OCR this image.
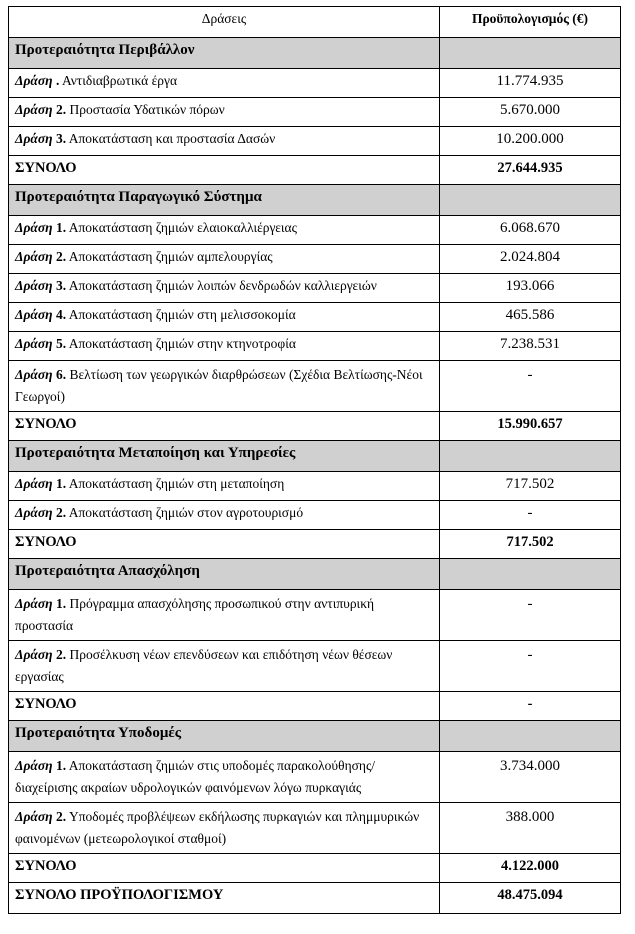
Δράσεις	Προϋπολογισμός (€)
Προτεραιότητα Περιβάλλον	
Δράση . Αντιδιαβρωτικά έργα	11.774.935
Δράση 2. Προστασία Υδατικών πόρων	5.670.000
Δράση 3. Αποκατάσταση και προστασία Δασών	10.200.000
ΣΥΝΟΛΟ	27.644.935
Προτεραιότητα Παραγωγικό Σύστημα	
Δράση 1. Αποκατάσταση ζημιών ελαιοκαλλιέργειας	6.068.670
Δράση 2. Αποκατάσταση ζημιών αμπελουργίας	2.024.804
Δράση 3. Αποκατάσταση ζημιών λοιπών δενδρωδών καλλιεργειών	193.066
Δράση 4. Αποκατάσταση ζημιών στη μελισσοκομία	465.586
Δράση 5. Αποκατάσταση ζημιών στην κτηνοτροφία	7.238.531
Δράση 6. Βελτίωση των γεωργικών διαρθρώσεων (Σχέδια Βελτίωσης-Νέοι Γεωργοί)	-
ΣΥΝΟΛΟ	15.990.657
Προτεραιότητα Μεταποίηση και Υπηρεσίες	
Δράση 1. Αποκατάσταση ζημιών στη μεταποίηση	717.502
Δράση 2. Αποκατάσταση ζημιών στον αγροτουρισμό	-
ΣΥΝΟΛΟ	717.502
Προτεραιότητα Απασχόληση	
Δράση 1. Πρόγραμμα απασχόλησης προσωπικού στην αντιπυρική προστασία	-
Δράση 2. Προσέλκυση νέων επενδύσεων και επιδότηση νέων θέσεων εργασίας	-
ΣΥΝΟΛΟ	-
Προτεραιότητα Υποδομές	
Δράση 1. Αποκατάσταση ζημιών στις υποδομές παρακολούθησης/ διαχείρισης ακραίων υδρολογικών φαινόμενων λόγω πυρκαγιάς	3.734.000
Δράση 2. Υποδομές προβλέψεων εκδήλωσης πυρκαγιών και πλημμυρικών φαινομένων (μετεωρολογικοί σταθμοί)	388.000
ΣΥΝΟΛΟ	4.122.000
ΣΥΝΟΛΟ ΠΡΟΫΠΟΛΟΓΙΣΜΟΥ	48.475.094
